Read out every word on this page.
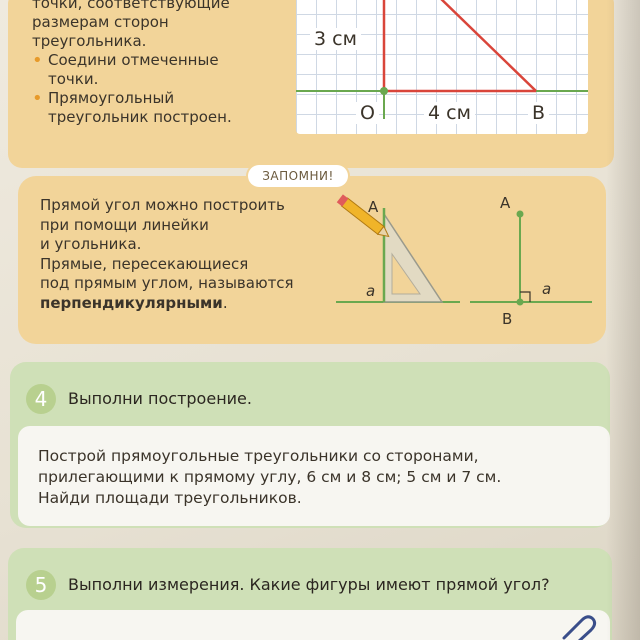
точки, соответствующие
размерам сторон
треугольника.
• Соедини отмеченные
точки.
• Прямоугольный
треугольник построен.
3 см
О	4 см	B
ЗАПОМНИ!
Прямой угол можно построить
при помощи линейки
и угольника.
Прямые, пересекающиеся
под прямым углом, называются
перпендикулярными.
A
a
A
a
B
4	Выполни построение.
Построй прямоугольные треугольники со сторонами,
прилегающими к прямому углу, 6 см и 8 см; 5 см и 7 см.
Найди площади треугольников.
5	Выполни измерения. Какие фигуры имеют прямой угол?
